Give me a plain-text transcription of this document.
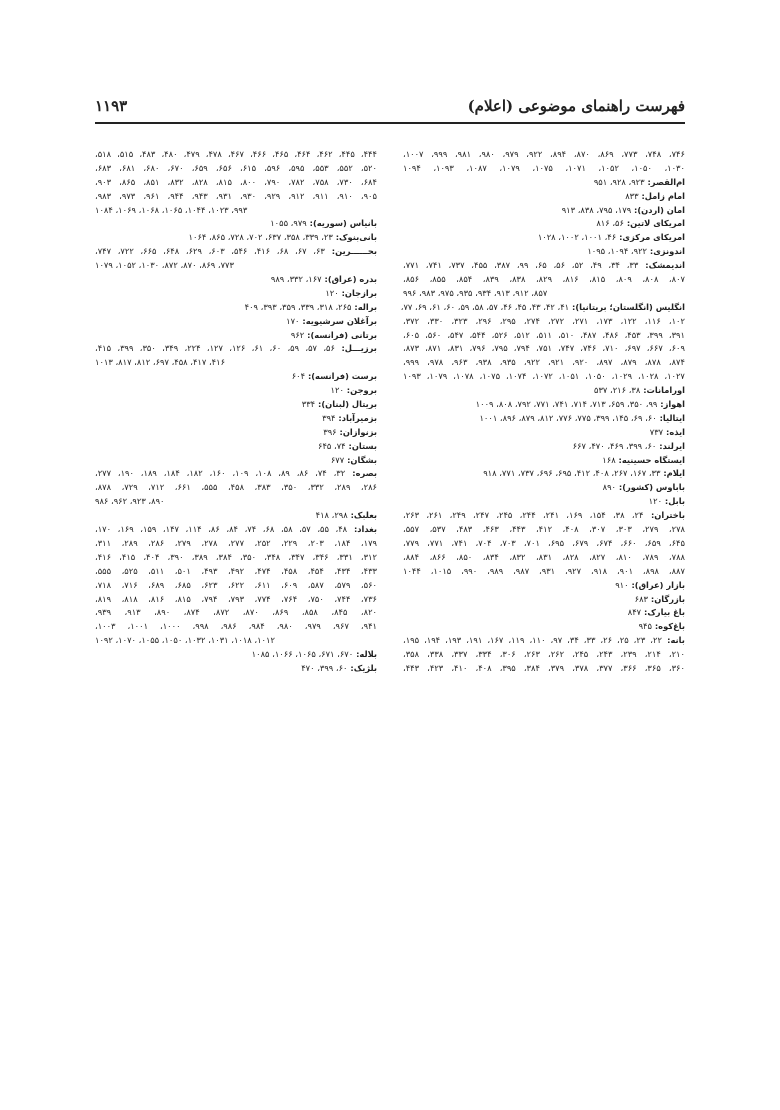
فهرست راهنمای موضوعی (اعلام)
۱۱۹۳
۷۴۶، ۷۴۸، ۷۷۳، ۸۶۹، ۸۷۰، ۸۹۴، ۹۲۲، ۹۷۹، ۹۸۰، ۹۸۱، ۹۹۹، ۱۰۰۷،
۱۰۳۰، ۱۰۵۰، ۱۰۵۲، ۱۰۷۱، ۱۰۷۵، ۱۰۷۹، ۱۰۸۷، ۱۰۹۳، ۱۰۹۴
ام‌القصر: ۹۲۳، ۹۲۸، ۹۵۱
امام زامل: ۸۳۳
امان (اردن): ۱۷۹، ۷۹۵، ۸۳۸، ۹۱۳
امریکای لاتین: ۵۶، ۸۱۶
امریکای مرکزی: ۴۶، ۱۰۰۱، ۱۰۰۲، ۱۰۲۸
اندونزی: ۹۲۲، ۱۰۹۴، ۱۰۹۵
اندیمشک: ۳۳، ۳۴، ۴۹، ۵۲، ۵۶، ۶۵، ۹۹، ۳۸۷، ۴۵۵، ۷۳۷، ۷۴۱، ۷۷۱،
۸۰۷، ۸۰۸، ۸۰۹، ۸۱۵، ۸۱۶، ۸۲۹، ۸۳۸، ۸۳۹، ۸۵۴، ۸۵۵، ۸۵۶،
۸۵۷، ۹۱۲، ۹۱۳، ۹۳۴، ۹۳۵، ۹۷۵، ۹۸۳، ۹۹۶
انگلیس (انگلستان؛ بریتانیا): ۴۱، ۴۲، ۴۳، ۴۵، ۴۶، ۵۷، ۵۸، ۵۹، ۶۰، ۶۱، ۶۹، ۷۷،
۱۰۲، ۱۱۶، ۱۲۲، ۱۷۳، ۲۷۱، ۲۷۲، ۲۷۴، ۲۹۵، ۲۹۶، ۳۲۳، ۳۳۰، ۳۷۲،
۳۹۱، ۳۹۹، ۴۵۳، ۴۸۶، ۴۸۷، ۵۱۰، ۵۱۱، ۵۱۲، ۵۲۶، ۵۴۴، ۵۴۷، ۵۶۰، ۶۰۵،
۶۰۹، ۶۶۷، ۶۹۷، ۷۱۰، ۷۴۶، ۷۴۷، ۷۵۱، ۷۹۴، ۷۹۵، ۷۹۶، ۸۳۱، ۸۷۱، ۸۷۳،
۸۷۴، ۸۷۸، ۸۷۹، ۸۹۷، ۹۲۰، ۹۲۱، ۹۲۲، ۹۳۵، ۹۳۸، ۹۶۳، ۹۷۸، ۹۹۹،
۱۰۲۷، ۱۰۲۸، ۱۰۲۹، ۱۰۵۰، ۱۰۵۱، ۱۰۷۲، ۱۰۷۴، ۱۰۷۵، ۱۰۷۸، ۱۰۷۹، ۱۰۹۳
اورامانات: ۳۸، ۲۱۶، ۵۳۷
اهواز: ۹۹، ۳۵۰، ۶۵۹، ۷۱۳، ۷۱۴، ۷۴۱، ۷۷۱، ۷۹۲، ۸۰۸، ۱۰۰۹
ایتالیا: ۶۰، ۶۹، ۱۴۵، ۳۹۹، ۷۷۵، ۷۷۶، ۸۱۲، ۸۷۹، ۸۹۶، ۱۰۰۱
ایذه: ۷۳۷
ایرلند: ۶۰، ۳۹۹، ۴۶۹، ۴۷۰، ۶۶۷
ایستگاه حسینیه: ۱۶۸
ایلام: ۳۳، ۱۶۷، ۲۶۷، ۴۰۸، ۴۱۲، ۶۹۵، ۶۹۶، ۷۳۷، ۷۷۱، ۹۱۸
باباوس (کشور): ۸۹۰
بابل: ۱۲۰
باختران: ۲۴، ۳۸، ۱۵۴، ۱۶۹، ۲۴۱، ۲۴۴، ۲۴۵، ۲۴۷، ۲۴۹، ۲۶۱، ۲۶۳،
۲۷۸، ۲۷۹، ۳۰۳، ۳۰۷، ۴۰۸، ۴۱۲، ۴۴۳، ۴۶۳، ۴۸۳، ۵۳۷، ۵۵۷،
۶۴۵، ۶۵۹، ۶۶۰، ۶۷۴، ۶۷۹، ۶۹۵، ۷۰۱، ۷۰۳، ۷۰۴، ۷۴۱، ۷۷۱، ۷۷۹،
۷۸۸، ۷۸۹، ۸۱۰، ۸۲۷، ۸۲۸، ۸۳۱، ۸۳۲، ۸۳۴، ۸۵۰، ۸۶۶، ۸۸۴،
۸۸۷، ۸۹۸، ۹۰۱، ۹۱۸، ۹۲۷، ۹۳۱، ۹۸۷، ۹۸۹، ۹۹۰، ۱۰۱۵، ۱۰۴۴
بازار (عراق): ۹۱۰
بازرگان: ۶۸۳
باغ بیارک: ۸۴۷
باغ‌کوه: ۹۴۵
بانه: ۲۲، ۲۳، ۲۵، ۲۶، ۳۳، ۳۴، ۹۷، ۱۱۰، ۱۱۹، ۱۶۷، ۱۹۱، ۱۹۳، ۱۹۴، ۱۹۵،
۲۱۰، ۲۱۴، ۲۳۹، ۲۴۳، ۲۴۵، ۲۶۲، ۲۶۳، ۳۰۶، ۳۳۴، ۳۳۷، ۳۳۸، ۳۵۸،
۳۶۰، ۳۶۵، ۳۶۶، ۳۷۷، ۳۷۸، ۳۷۹، ۳۸۴، ۳۹۵، ۴۰۸، ۴۱۰، ۴۲۳، ۴۴۳،
۴۴۴، ۴۴۵، ۴۶۲، ۴۶۴، ۴۶۵، ۴۶۶، ۴۶۷، ۴۷۸، ۴۷۹، ۴۸۰، ۴۸۳، ۵۱۵، ۵۱۸،
۵۲۰، ۵۵۲، ۵۵۳، ۵۹۵، ۵۹۶، ۶۱۵، ۶۵۶، ۶۵۹، ۶۷۰، ۶۸۰، ۶۸۱، ۶۸۳،
۶۸۴، ۷۳۰، ۷۵۸، ۷۸۲، ۷۹۰، ۸۰۰، ۸۱۵، ۸۲۸، ۸۳۲، ۸۵۱، ۸۶۵، ۹۰۳،
۹۰۵، ۹۱۰، ۹۱۱، ۹۱۲، ۹۲۹، ۹۳۰، ۹۳۱، ۹۴۳، ۹۴۴، ۹۶۱، ۹۷۳، ۹۸۳،
۹۹۳، ۱۰۲۳، ۱۰۴۴، ۱۰۶۵، ۱۰۶۸، ۱۰۶۹، ۱۰۸۴
بانیاس (سوریه): ۹۷۹، ۱۰۵۵
بانی‌بنوک: ۲۳، ۳۳۹، ۳۵۸، ۶۳۷، ۷۰۲، ۷۲۸، ۸۶۵، ۱۰۶۴
بحــــــرین: ۶۳، ۶۷، ۶۸، ۴۱۶، ۵۴۶، ۶۰۳، ۶۲۹، ۶۴۸، ۶۶۵، ۷۲۲، ۷۴۷،
۷۷۳، ۸۶۹، ۸۷۰، ۸۷۲، ۱۰۳۰، ۱۰۵۲، ۱۰۷۹
بدره (عراق): ۱۶۷، ۳۳۲، ۹۸۹
برازجان: ۱۲۰
براله: ۲۶۵، ۳۱۸، ۳۳۹، ۳۵۹، ۳۹۳، ۴۰۹
برآغلان سرشیویه: ۱۷۰
برتانی (فرانسه): ۹۶۲
برزیـــل: ۵۶، ۵۷، ۵۹، ۶۰، ۶۱، ۱۲۶، ۱۲۷، ۲۲۴، ۳۴۹، ۳۵۰، ۳۹۹، ۴۱۵،
۴۱۶، ۴۱۷، ۴۵۸، ۶۹۷، ۸۱۲، ۸۱۷، ۱۰۱۳
برست (فرانسه): ۶۰۴
بروجن: ۱۲۰
بریتال (لبنان): ۳۳۴
بزمیرآباد: ۳۹۴
بزنوازان: ۳۹۶
بستان: ۷۴، ۶۴۵
بشگان: ۶۷۷
بصره: ۳۲، ۷۴، ۸۶، ۸۹، ۱۰۸، ۱۰۹، ۱۶۰، ۱۸۲، ۱۸۴، ۱۸۹، ۱۹۰، ۲۷۷،
۲۸۶، ۲۸۹، ۳۳۲، ۳۵۰، ۳۸۳، ۴۵۸، ۵۵۵، ۶۶۱، ۷۱۲، ۷۲۹، ۸۷۸،
۸۹۰، ۹۲۳، ۹۶۲، ۹۸۶
بعلبک: ۲۹۸، ۴۱۸
بغداد: ۴۸، ۵۵، ۵۷، ۵۸، ۶۸، ۷۴، ۸۴، ۸۶، ۱۱۴، ۱۴۷، ۱۵۹، ۱۶۹، ۱۷۰،
۱۷۹، ۱۸۴، ۲۰۳، ۲۲۹، ۲۵۲، ۲۷۷، ۲۷۸، ۲۷۹، ۲۸۶، ۲۸۹، ۳۱۱،
۳۱۲، ۳۳۱، ۳۴۶، ۳۴۷، ۳۴۸، ۳۵۰، ۳۸۴، ۳۸۹، ۳۹۰، ۴۰۴، ۴۱۵، ۴۱۶،
۴۳۳، ۴۳۴، ۴۵۴، ۴۵۸، ۴۷۴، ۴۹۲، ۴۹۳، ۵۰۱، ۵۱۱، ۵۲۵، ۵۵۵،
۵۶۰، ۵۷۹، ۵۸۷، ۶۰۹، ۶۱۱، ۶۲۲، ۶۲۳، ۶۸۵، ۶۸۹، ۷۱۶، ۷۱۸،
۷۳۶، ۷۴۴، ۷۵۰، ۷۶۴، ۷۷۴، ۷۹۳، ۷۹۴، ۸۱۵، ۸۱۶، ۸۱۸، ۸۱۹،
۸۲۰، ۸۴۵، ۸۵۸، ۸۶۹، ۸۷۰، ۸۷۲، ۸۷۴، ۸۹۰، ۹۱۳، ۹۳۹،
۹۴۱، ۹۶۷، ۹۷۹، ۹۸۰، ۹۸۴، ۹۸۶، ۹۹۸، ۱۰۰۰، ۱۰۰۱، ۱۰۰۳،
۱۰۱۲، ۱۰۱۸، ۱۰۳۱، ۱۰۳۲، ۱۰۵۰، ۱۰۵۵، ۱۰۷۰، ۱۰۹۲
بلاله: ۶۷۰، ۶۷۱، ۱۰۶۵، ۱۰۶۶، ۱۰۸۵
بلژیک: ۶۰، ۳۹۹، ۴۷۰
